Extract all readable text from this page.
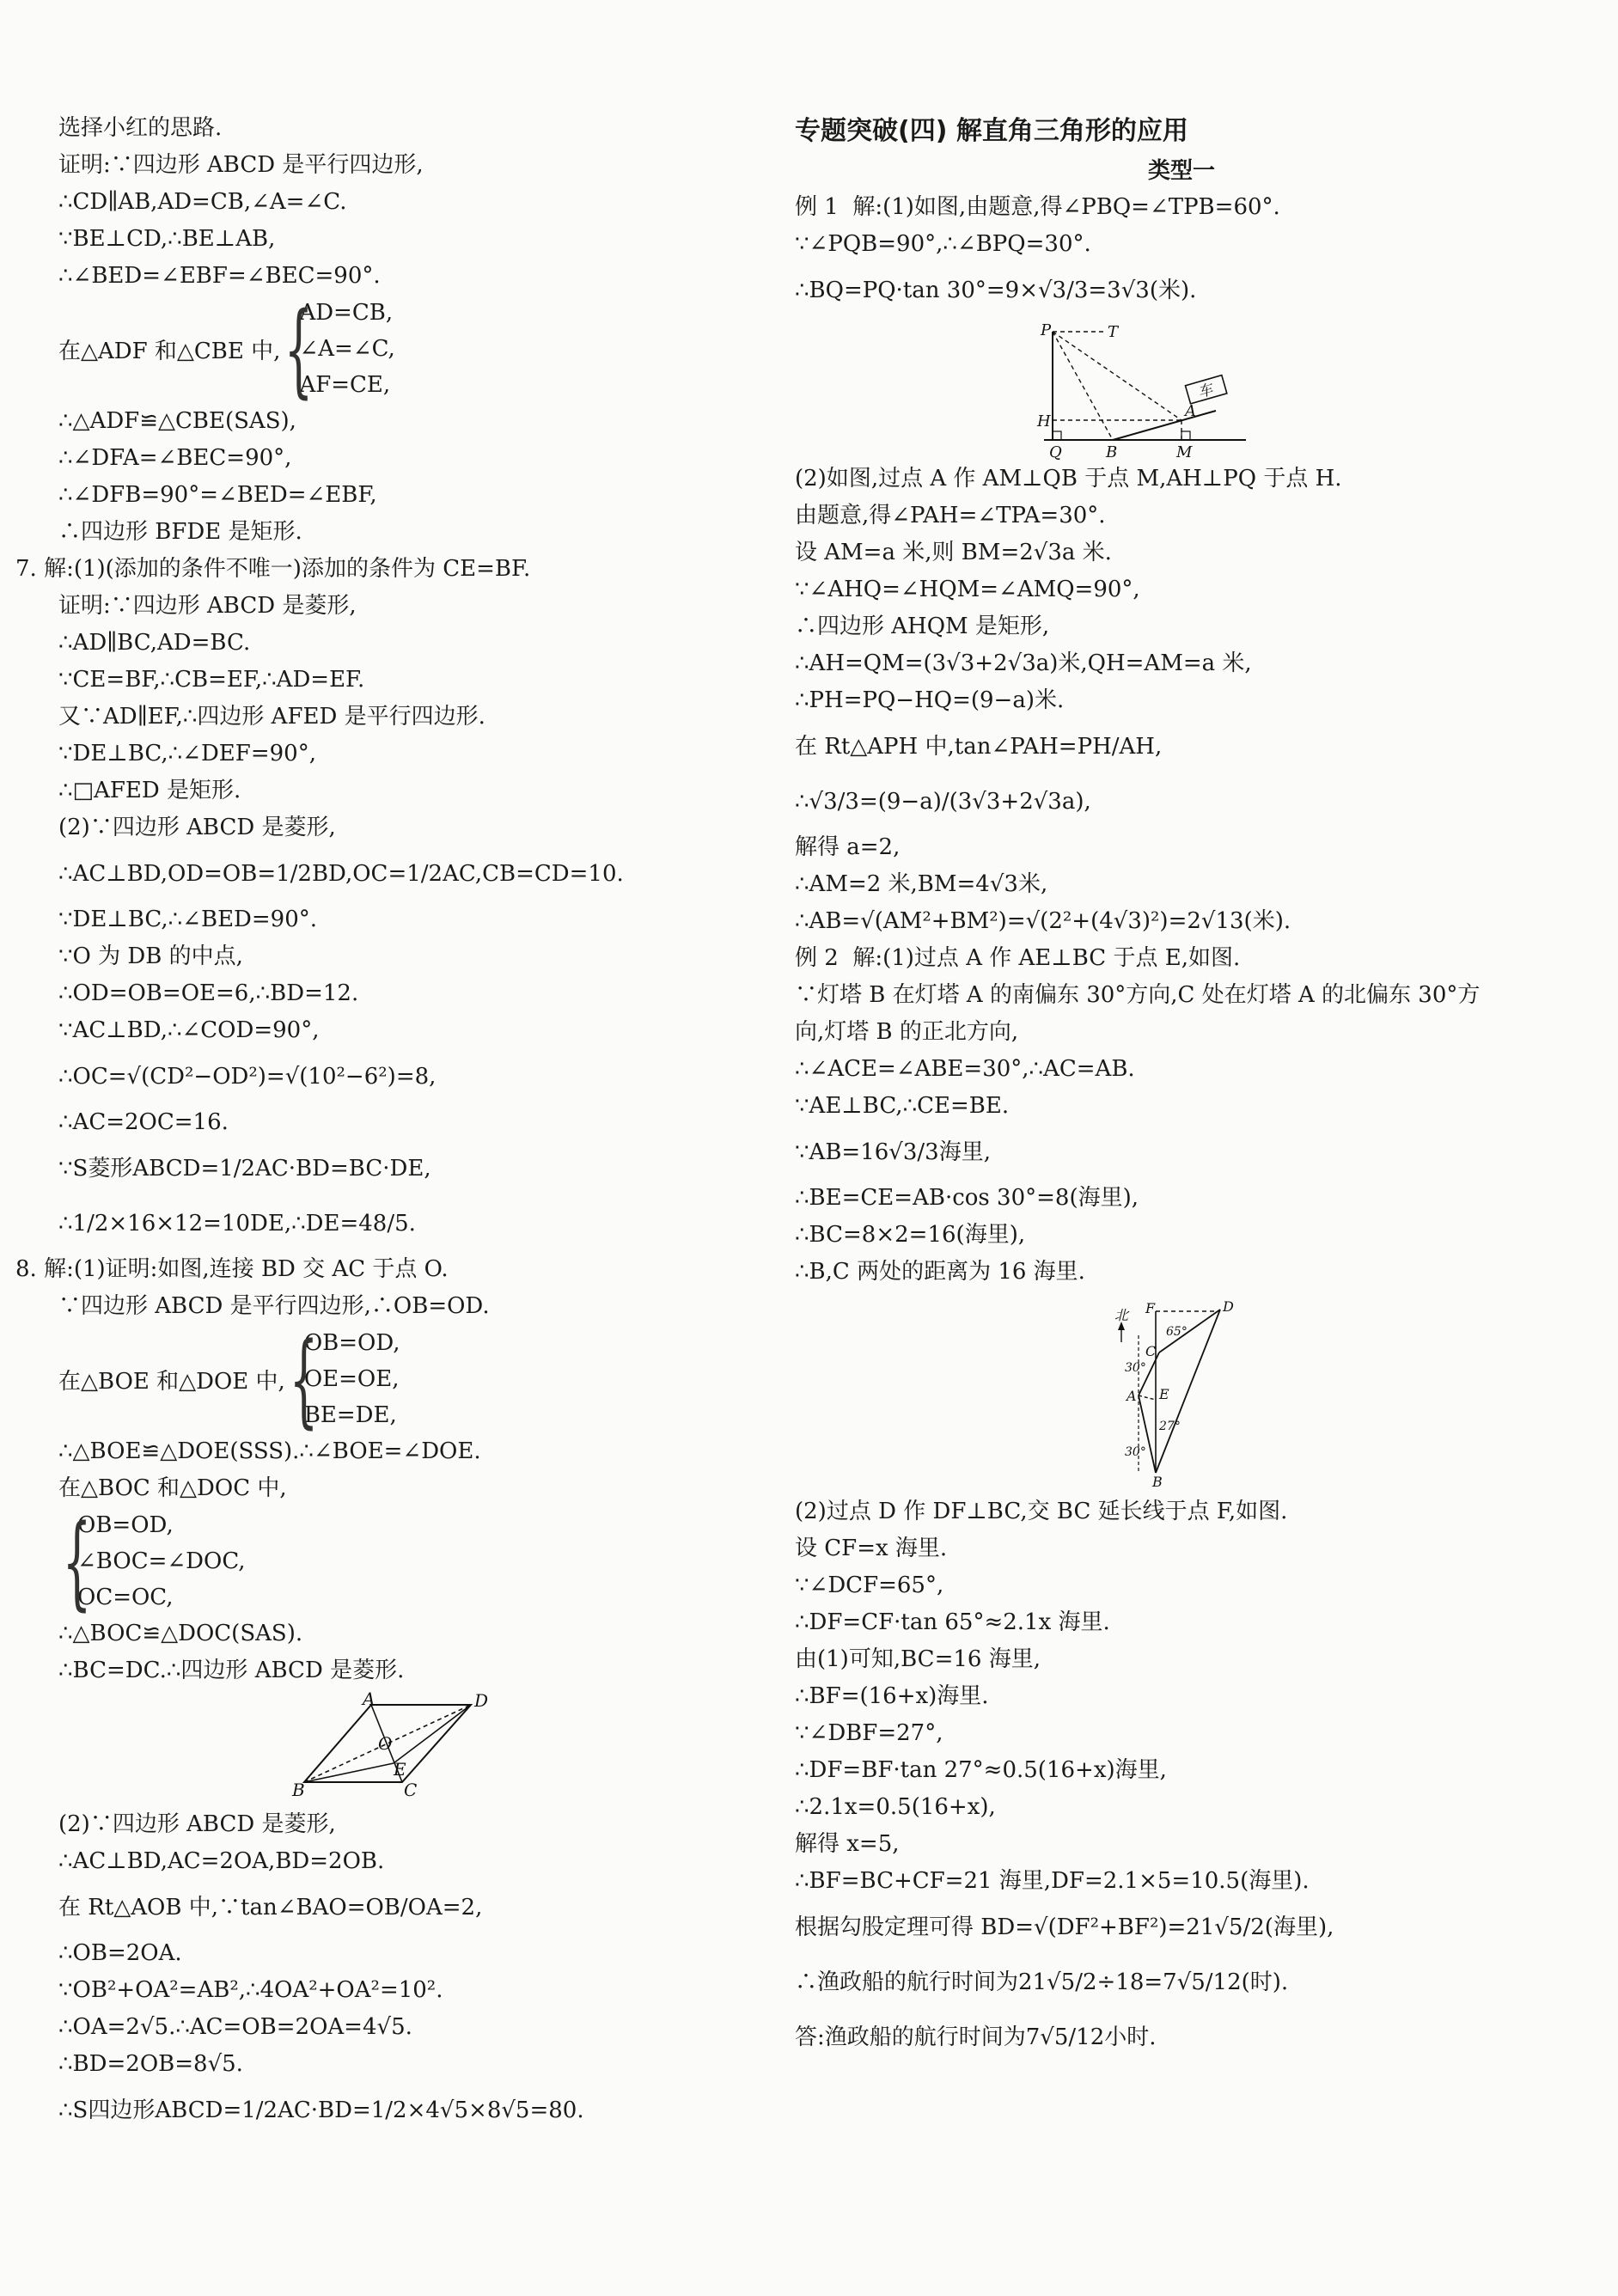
选择小红的思路.
证明:∵四边形 ABCD 是平行四边形,
∴CD∥AB,AD=CB,∠A=∠C.
∵BE⊥CD,∴BE⊥AB,
∴∠BED=∠EBF=∠BEC=90°.
在△ADF 和△CBE 中, {
AD=CB,
∠A=∠C,
AF=CE,
∴△ADF≌△CBE(SAS),
∴∠DFA=∠BEC=90°,
∴∠DFB=90°=∠BED=∠EBF,
∴四边形 BFDE 是矩形.
7. 解:(1)(添加的条件不唯一)添加的条件为 CE=BF.
证明:∵四边形 ABCD 是菱形,
∴AD∥BC,AD=BC.
∵CE=BF,∴CB=EF,∴AD=EF.
又∵AD∥EF,∴四边形 AFED 是平行四边形.
∵DE⊥BC,∴∠DEF=90°,
∴□AFED 是矩形.
(2)∵四边形 ABCD 是菱形,
∴AC⊥BD,OD=OB=1/2BD,OC=1/2AC,CB=CD=10.
∵DE⊥BC,∴∠BED=90°.
∵O 为 DB 的中点,
∴OD=OB=OE=6,∴BD=12.
∵AC⊥BD,∴∠COD=90°,
∴OC=√(CD²−OD²)=√(10²−6²)=8,
∴AC=2OC=16.
∵S菱形ABCD=1/2AC·BD=BC·DE,
∴1/2×16×12=10DE,∴DE=48/5.
8. 解:(1)证明:如图,连接 BD 交 AC 于点 O.
∵四边形 ABCD 是平行四边形,∴OB=OD.
在△BOE 和△DOE 中, {
OB=OD,
OE=OE,
BE=DE,
∴△BOE≌△DOE(SSS).∴∠BOE=∠DOE.
在△BOC 和△DOC 中,
{
OB=OD,
∠BOC=∠DOC,
OC=OC,
∴△BOC≌△DOC(SAS).
∴BC=DC.∴四边形 ABCD 是菱形.
A	D
O
B	C
E
(2)∵四边形 ABCD 是菱形,
∴AC⊥BD,AC=2OA,BD=2OB.
在 Rt△AOB 中,∵tan∠BAO=OB/OA=2,
∴OB=2OA.
∵OB²+OA²=AB²,∴4OA²+OA²=10².
∴OA=2√5.∴AC=OB=2OA=4√5.
∴BD=2OB=8√5.
∴S四边形ABCD=1/2AC·BD=1/2×4√5×8√5=80.
专题突破(四) 解直角三角形的应用
类型一
例 1  解:(1)如图,由题意,得∠PBQ=∠TPB=60°.
∵∠PQB=90°,∴∠BPQ=30°.
∴BQ=PQ·tan 30°=9×√3/3=3√3(米).
车
P	T
H
Q	B	M
A
(2)如图,过点 A 作 AM⊥QB 于点 M,AH⊥PQ 于点 H.
由题意,得∠PAH=∠TPA=30°.
设 AM=a 米,则 BM=2√3a 米.
∵∠AHQ=∠HQM=∠AMQ=90°,
∴四边形 AHQM 是矩形,
∴AH=QM=(3√3+2√3a)米,QH=AM=a 米,
∴PH=PQ−HQ=(9−a)米.
在 Rt△APH 中,tan∠PAH=PH/AH,
∴√3/3=(9−a)/(3√3+2√3a),
解得 a=2,
∴AM=2 米,BM=4√3米,
∴AB=√(AM²+BM²)=√(2²+(4√3)²)=2√13(米).
例 2  解:(1)过点 A 作 AE⊥BC 于点 E,如图.
∵灯塔 B 在灯塔 A 的南偏东 30°方向,C 处在灯塔 A 的北偏东 30°方
向,灯塔 B 的正北方向,
∴∠ACE=∠ABE=30°,∴AC=AB.
∵AE⊥BC,∴CE=BE.
∵AB=16√3/3海里,
∴BE=CE=AB·cos 30°=8(海里),
∴BC=8×2=16(海里),
∴B,C 两处的距离为 16 海里.
北 F	D
C
A E
B
65°
30°
27°
30°
(2)过点 D 作 DF⊥BC,交 BC 延长线于点 F,如图.
设 CF=x 海里.
∵∠DCF=65°,
∴DF=CF·tan 65°≈2.1x 海里.
由(1)可知,BC=16 海里,
∴BF=(16+x)海里.
∵∠DBF=27°,
∴DF=BF·tan 27°≈0.5(16+x)海里,
∴2.1x=0.5(16+x),
解得 x=5,
∴BF=BC+CF=21 海里,DF=2.1×5=10.5(海里).
根据勾股定理可得 BD=√(DF²+BF²)=21√5/2(海里),
∴渔政船的航行时间为21√5/2÷18=7√5/12(时).
答:渔政船的航行时间为7√5/12小时.
